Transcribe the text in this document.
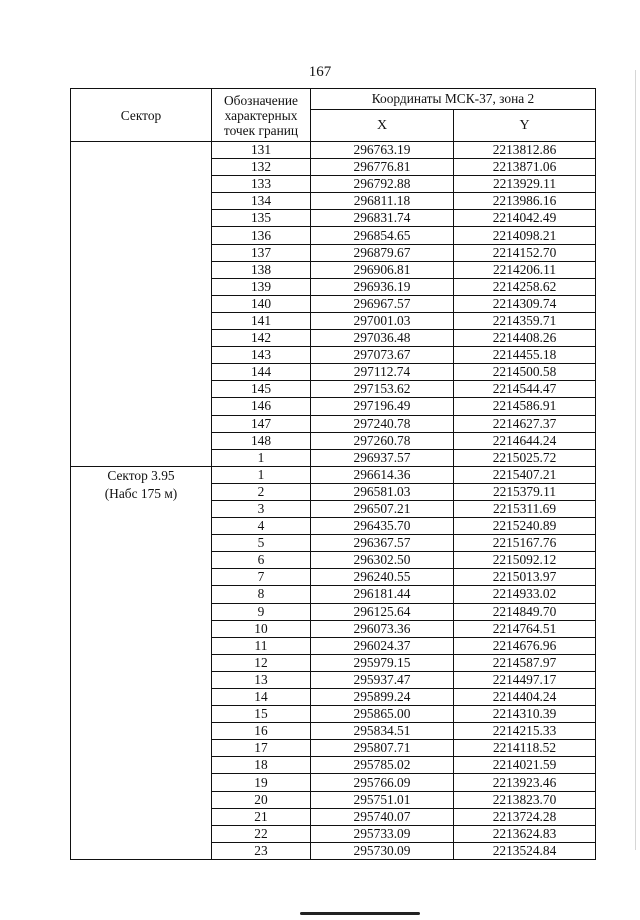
167
Сектор	Обозначение
характерных
точек границ	Координаты МСК-37, зона 2	
		X	Y

	131	296763.19	2213812.86
	132	296776.81	2213871.06
	133	296792.88	2213929.11
	134	296811.18	2213986.16
	135	296831.74	2214042.49
	136	296854.65	2214098.21
	137	296879.67	2214152.70
	138	296906.81	2214206.11
	139	296936.19	2214258.62
	140	296967.57	2214309.74
	141	297001.03	2214359.71
	142	297036.48	2214408.26
	143	297073.67	2214455.18
	144	297112.74	2214500.58
	145	297153.62	2214544.47
	146	297196.49	2214586.91
	147	297240.78	2214627.37
	148	297260.78	2214644.24
	1	296937.57	2215025.72

Сектор 3.95
(Набс 175 м)	1	296614.36	2215407.21
	2	296581.03	2215379.11
	3	296507.21	2215311.69
	4	296435.70	2215240.89
	5	296367.57	2215167.76
	6	296302.50	2215092.12
	7	296240.55	2215013.97
	8	296181.44	2214933.02
	9	296125.64	2214849.70
	10	296073.36	2214764.51
	11	296024.37	2214676.96
	12	295979.15	2214587.97
	13	295937.47	2214497.17
	14	295899.24	2214404.24
	15	295865.00	2214310.39
	16	295834.51	2214215.33
	17	295807.71	2214118.52
	18	295785.02	2214021.59
	19	295766.09	2213923.46
	20	295751.01	2213823.70
	21	295740.07	2213724.28
	22	295733.09	2213624.83
	23	295730.09	2213524.84
